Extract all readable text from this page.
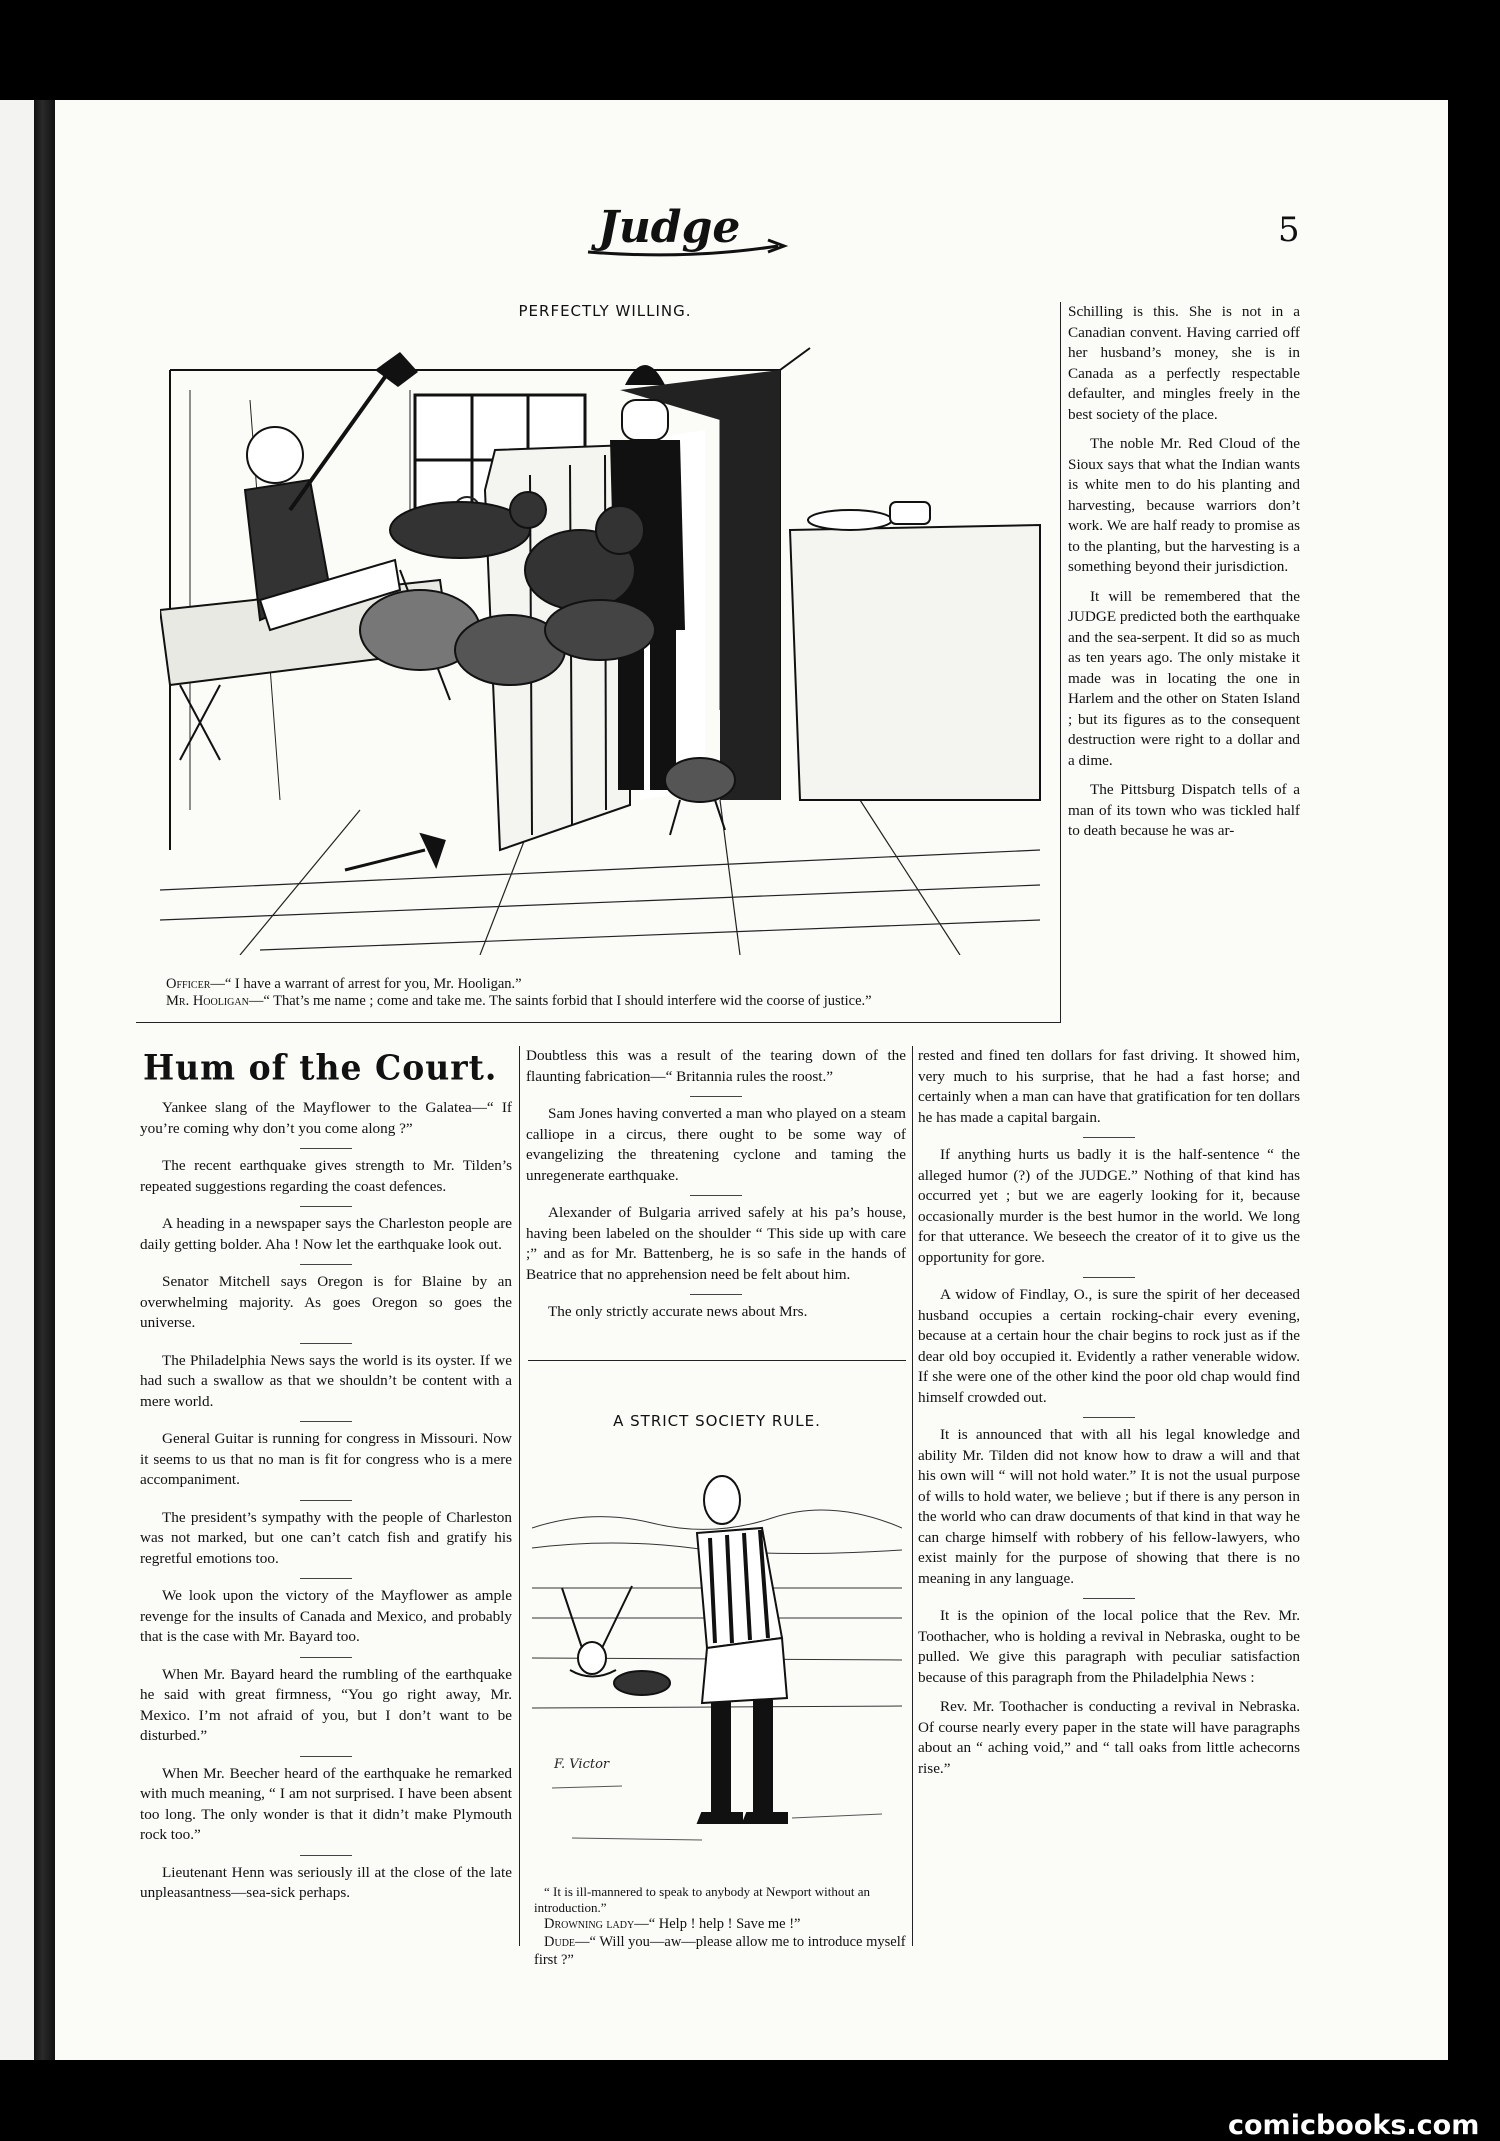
Judge	5
PERFECTLY WILLING.

Officer—“ I have a warrant of arrest for you, Mr. Hooligan.”

Mr. Hooligan—“ That’s me name ; come and take me. The saints forbid that I should interfere wid the coorse of justice.”

Schilling is this. She is not in a Canadian convent. Having carried off her husband’s money, she is in Canada as a perfectly respectable defaulter, and mingles freely in the best society of the place.

The noble Mr. Red Cloud of the Sioux says that what the Indian wants is white men to do his planting and harvesting, because warriors don’t work. We are half ready to promise as to the planting, but the harvesting is a something beyond their jurisdiction.

It will be remembered that the JUDGE predicted both the earthquake and the sea-serpent. It did so as much as ten years ago. The only mistake it made was in locating the one in Harlem and the other on Staten Island ; but its figures as to the consequent destruction were right to a dollar and a dime.

The Pittsburg Dispatch tells of a man of its town who was tickled half to death because he was ar-

Hum of the Court.

Yankee slang of the Mayflower to the Galatea—“ If you’re coming why don’t you come along ?”

The recent earthquake gives strength to Mr. Tilden’s repeated suggestions regarding the coast defences.

A heading in a newspaper says the Charleston people are daily getting bolder. Aha ! Now let the earthquake look out.

Senator Mitchell says Oregon is for Blaine by an overwhelming majority. As goes Oregon so goes the universe.

The Philadelphia News says the world is its oyster. If we had such a swallow as that we shouldn’t be content with a mere world.

General Guitar is running for congress in Missouri. Now it seems to us that no man is fit for congress who is a mere accompaniment.

The president’s sympathy with the people of Charleston was not marked, but one can’t catch fish and gratify his regretful emotions too.

We look upon the victory of the Mayflower as ample revenge for the insults of Canada and Mexico, and probably that is the case with Mr. Bayard too.

When Mr. Bayard heard the rumbling of the earthquake he said with great firmness, “You go right away, Mr. Mexico. I’m not afraid of you, but I don’t want to be disturbed.”

When Mr. Beecher heard of the earthquake he remarked with much meaning, “ I am not surprised. I have been absent too long. The only wonder is that it didn’t make Plymouth rock too.”

Lieutenant Henn was seriously ill at the close of the late unpleasantness—sea-sick perhaps.

Doubtless this was a result of the tearing down of the flaunting fabrication—“ Britannia rules the roost.”

Sam Jones having converted a man who played on a steam calliope in a circus, there ought to be some way of evangelizing the threatening cyclone and taming the unregenerate earthquake.

Alexander of Bulgaria arrived safely at his pa’s house, having been labeled on the shoulder “ This side up with care ;” and as for Mr. Battenberg, he is so safe in the hands of Beatrice that no apprehension need be felt about him.

The only strictly accurate news about Mrs.

A STRICT SOCIETY RULE.
F. Victor

“ It is ill-mannered to speak to anybody at Newport without an introduction.”

Drowning lady—“ Help ! help ! Save me !”

Dude—“ Will you—aw—please allow me to introduce myself first ?”

rested and fined ten dollars for fast driving. It showed him, very much to his surprise, that he had a fast horse; and certainly when a man can have that gratification for ten dollars he has made a capital bargain.

If anything hurts us badly it is the half-sentence “ the alleged humor (?) of the JUDGE.” Nothing of that kind has occurred yet ; but we are eagerly looking for it, because occasionally murder is the best humor in the world. We long for that utterance. We beseech the creator of it to give us the opportunity for gore.

A widow of Findlay, O., is sure the spirit of her deceased husband occupies a certain rocking-chair every evening, because at a certain hour the chair begins to rock just as if the dear old boy occupied it. Evidently a rather venerable widow. If she were one of the other kind the poor old chap would find himself crowded out.

It is announced that with all his legal knowledge and ability Mr. Tilden did not know how to draw a will and that his own will “ will not hold water.” It is not the usual purpose of wills to hold water, we believe ; but if there is any person in the world who can draw documents of that kind in that way he can charge himself with robbery of his fellow-lawyers, who exist mainly for the purpose of showing that there is no meaning in any language.

It is the opinion of the local police that the Rev. Mr. Toothacher, who is holding a revival in Nebraska, ought to be pulled. We give this paragraph with peculiar satisfaction because of this paragraph from the Philadelphia News :

Rev. Mr. Toothacher is conducting a revival in Nebraska. Of course nearly every paper in the state will have paragraphs about an “ aching void,” and “ tall oaks from little achecorns rise.”

comicbooks.com
